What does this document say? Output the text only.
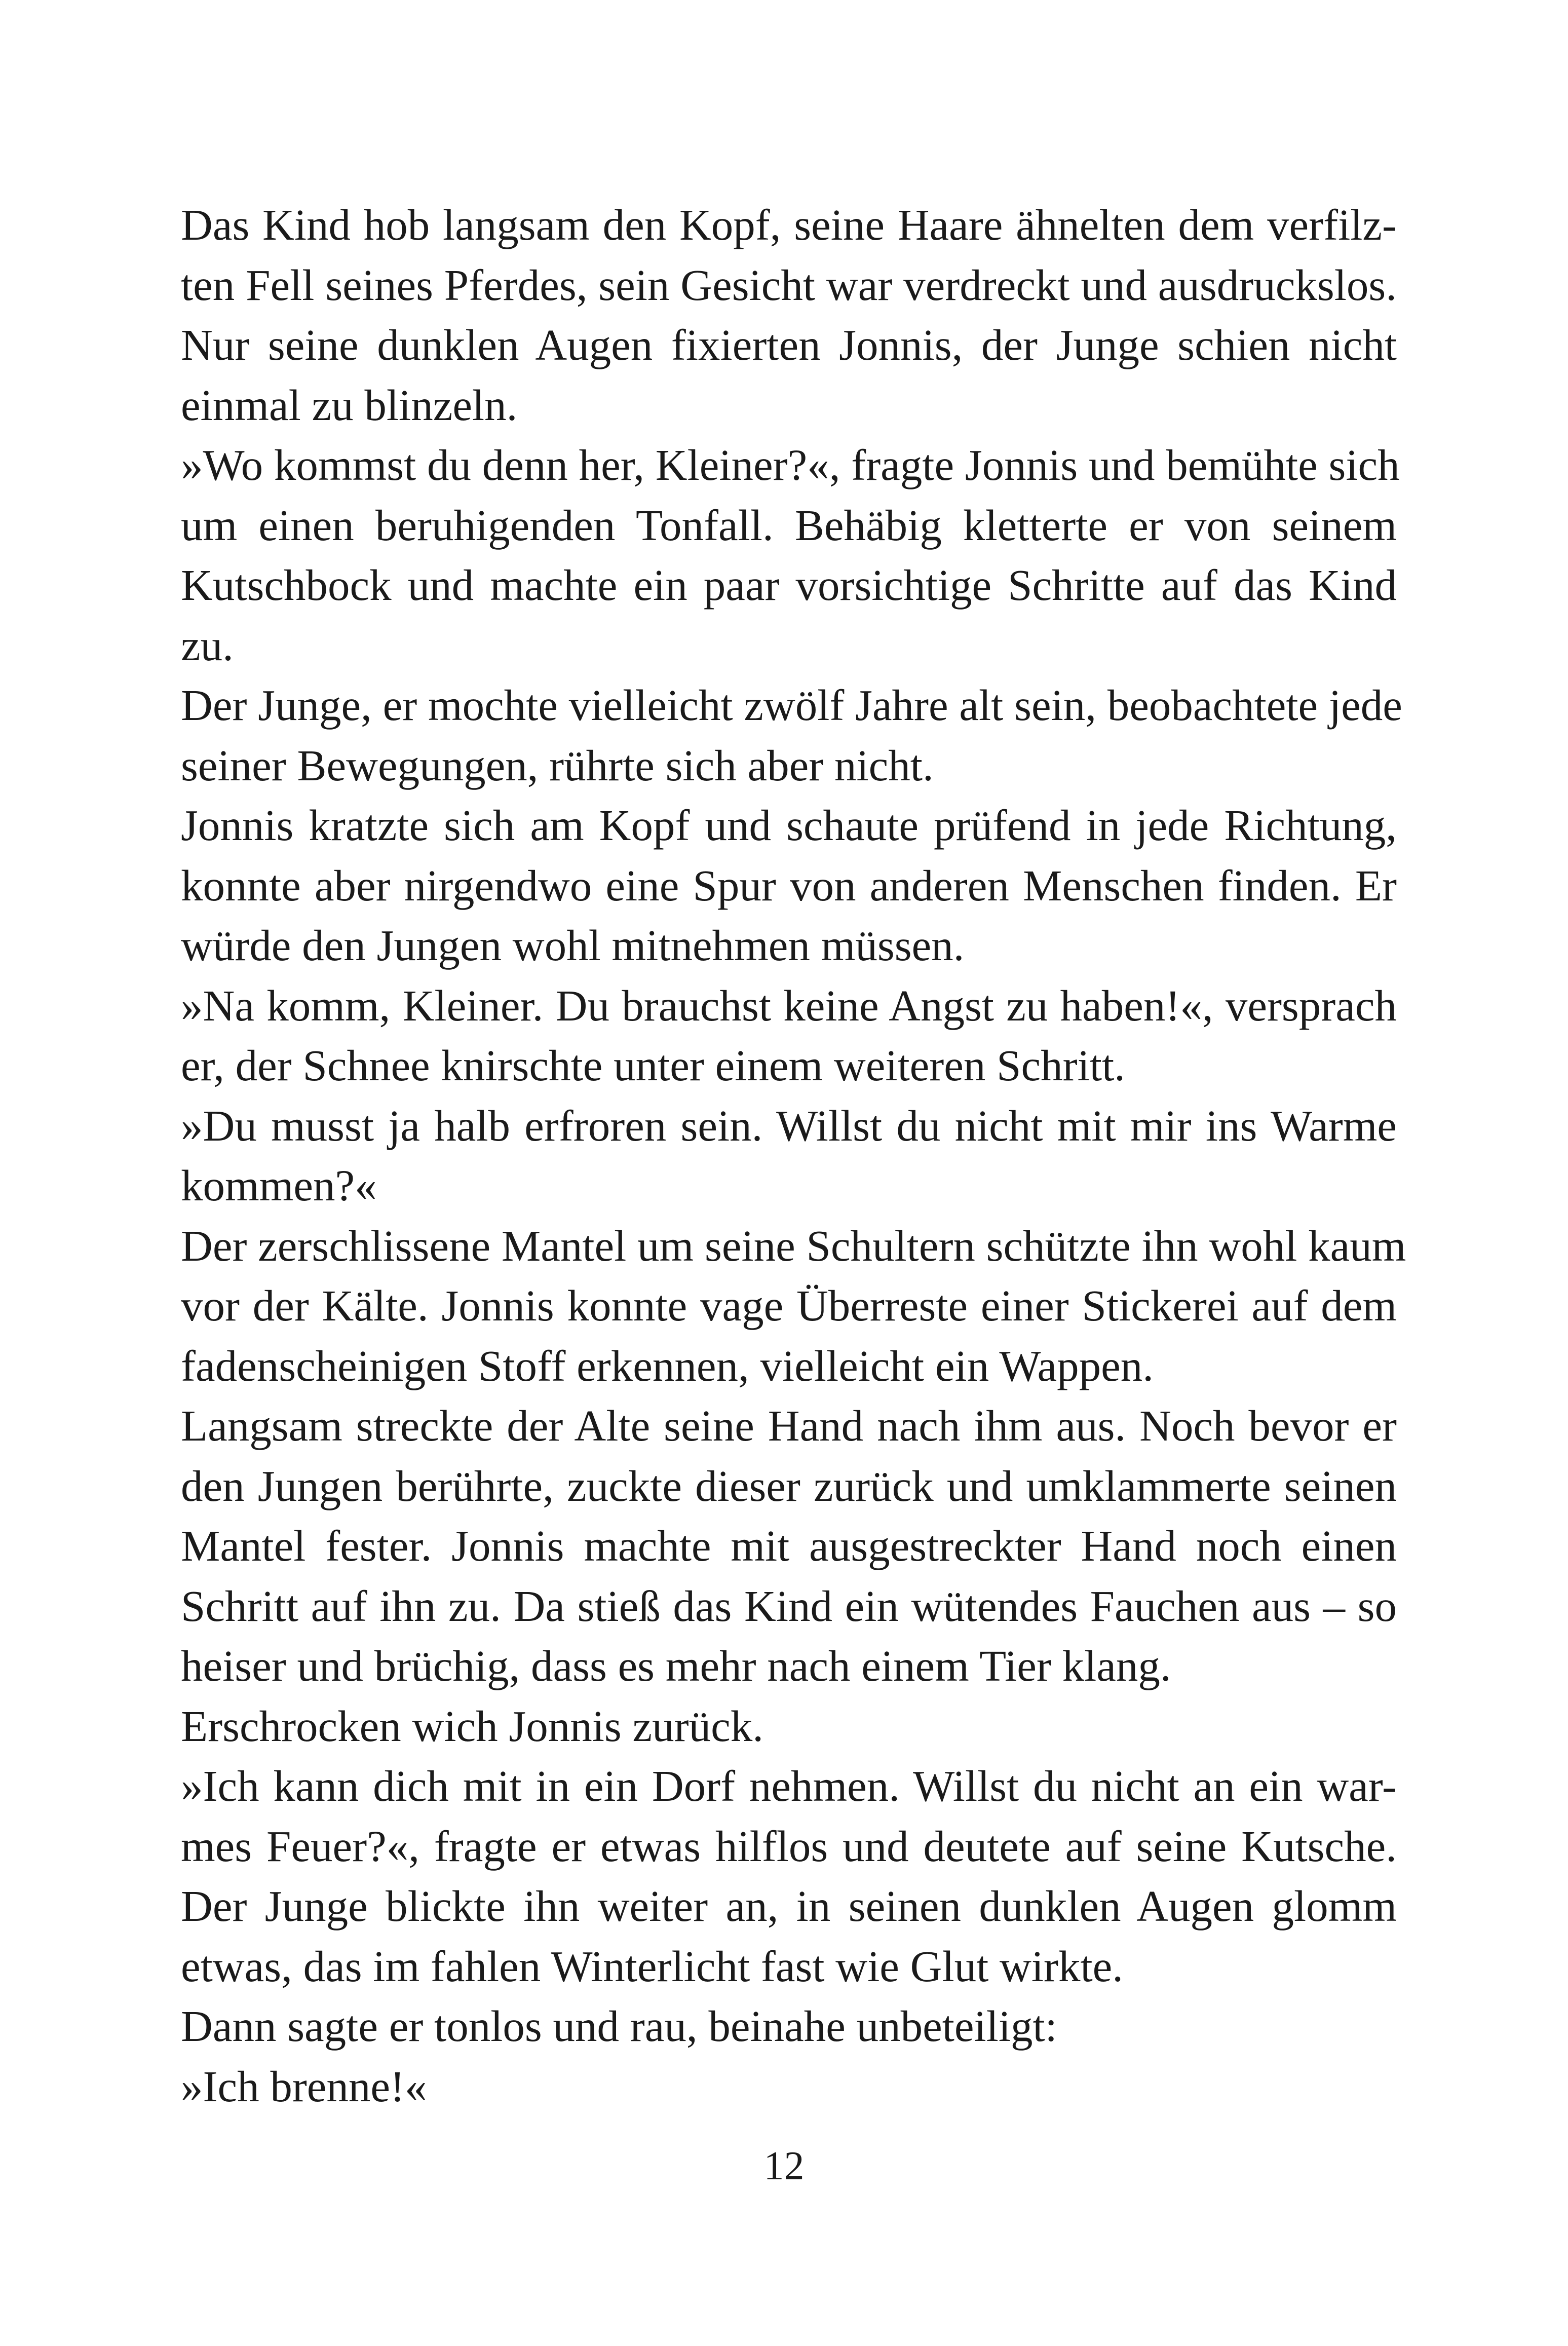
Das Kind hob langsam den Kopf, seine Haare ähnelten dem verfilz-
ten Fell seines Pferdes, sein Gesicht war verdreckt und ausdruckslos.
Nur seine dunklen Augen fixierten Jonnis, der Junge schien nicht
einmal zu blinzeln.
»Wo kommst du denn her, Kleiner?«, fragte Jonnis und bemühte sich
um einen beruhigenden Tonfall. Behäbig kletterte er von seinem
Kutschbock und machte ein paar vorsichtige Schritte auf das Kind
zu.
Der Junge, er mochte vielleicht zwölf Jahre alt sein, beobachtete jede
seiner Bewegungen, rührte sich aber nicht.
Jonnis kratzte sich am Kopf und schaute prüfend in jede Richtung,
konnte aber nirgendwo eine Spur von anderen Menschen finden. Er
würde den Jungen wohl mitnehmen müssen.
»Na komm, Kleiner. Du brauchst keine Angst zu haben!«, versprach
er, der Schnee knirschte unter einem weiteren Schritt.
»Du musst ja halb erfroren sein. Willst du nicht mit mir ins Warme
kommen?«
Der zerschlissene Mantel um seine Schultern schützte ihn wohl kaum
vor der Kälte. Jonnis konnte vage Überreste einer Stickerei auf dem
fadenscheinigen Stoff erkennen, vielleicht ein Wappen.
Langsam streckte der Alte seine Hand nach ihm aus. Noch bevor er
den Jungen berührte, zuckte dieser zurück und umklammerte seinen
Mantel fester. Jonnis machte mit ausgestreckter Hand noch einen
Schritt auf ihn zu. Da stieß das Kind ein wütendes Fauchen aus – so
heiser und brüchig, dass es mehr nach einem Tier klang.
Erschrocken wich Jonnis zurück.
»Ich kann dich mit in ein Dorf nehmen. Willst du nicht an ein war-
mes Feuer?«, fragte er etwas hilflos und deutete auf seine Kutsche.
Der Junge blickte ihn weiter an, in seinen dunklen Augen glomm
etwas, das im fahlen Winterlicht fast wie Glut wirkte.
Dann sagte er tonlos und rau, beinahe unbeteiligt:
»Ich brenne!«
12
